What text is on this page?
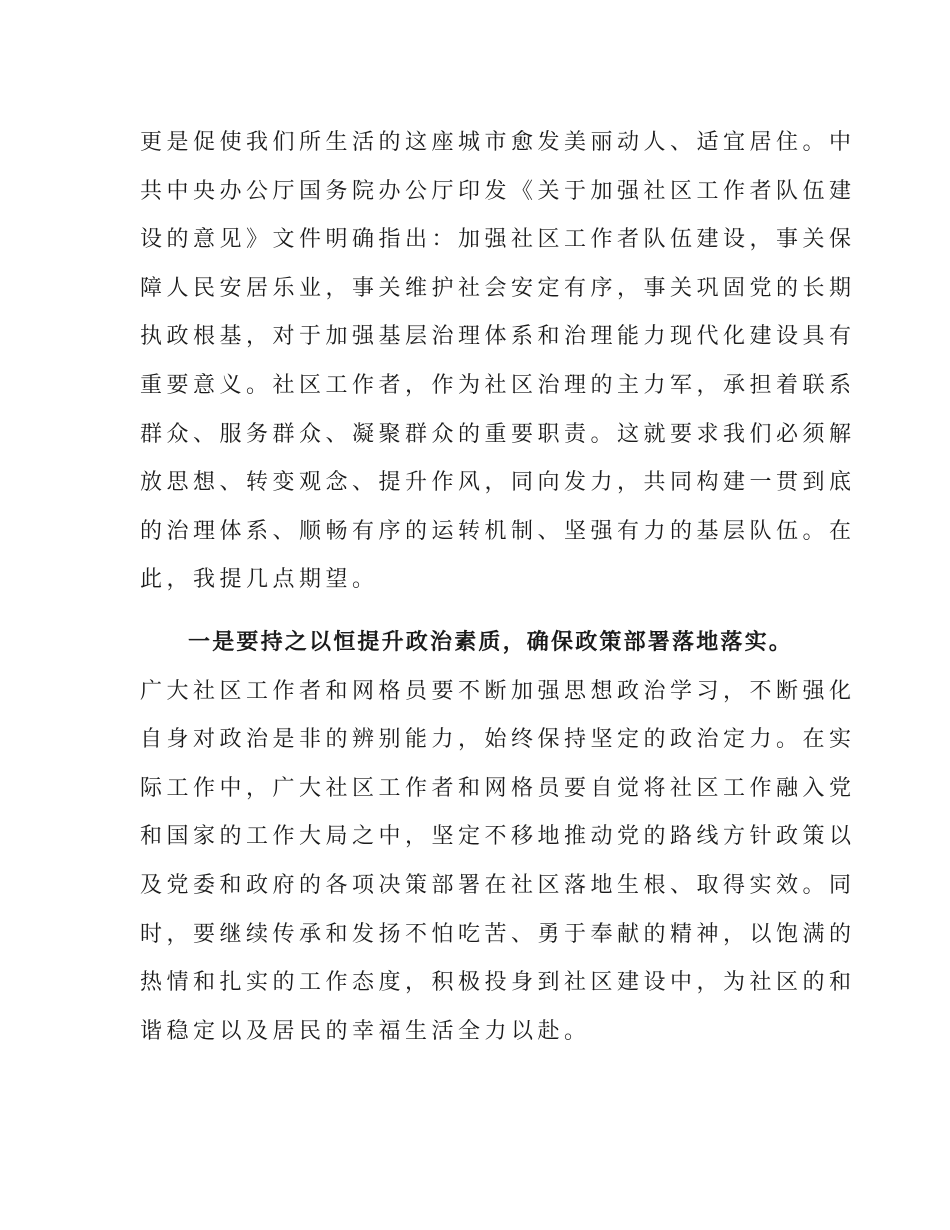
更是促使我们所生活的这座城市愈发美丽动人、适宜居住。中
共中央办公厅国务院办公厅印发《关于加强社区工作者队伍建
设的意见》文件明确指出：加强社区工作者队伍建设，事关保
障人民安居乐业，事关维护社会安定有序，事关巩固党的长期
执政根基，对于加强基层治理体系和治理能力现代化建设具有
重要意义。社区工作者，作为社区治理的主力军，承担着联系
群众、服务群众、凝聚群众的重要职责。这就要求我们必须解
放思想、转变观念、提升作风，同向发力，共同构建一贯到底
的治理体系、顺畅有序的运转机制、坚强有力的基层队伍。在
此，我提几点期望。
一是要持之以恒提升政治素质，确保政策部署落地落实。
广大社区工作者和网格员要不断加强思想政治学习，不断强化
自身对政治是非的辨别能力，始终保持坚定的政治定力。在实
际工作中，广大社区工作者和网格员要自觉将社区工作融入党
和国家的工作大局之中，坚定不移地推动党的路线方针政策以
及党委和政府的各项决策部署在社区落地生根、取得实效。同
时，要继续传承和发扬不怕吃苦、勇于奉献的精神，以饱满的
热情和扎实的工作态度，积极投身到社区建设中，为社区的和
谐稳定以及居民的幸福生活全力以赴。
